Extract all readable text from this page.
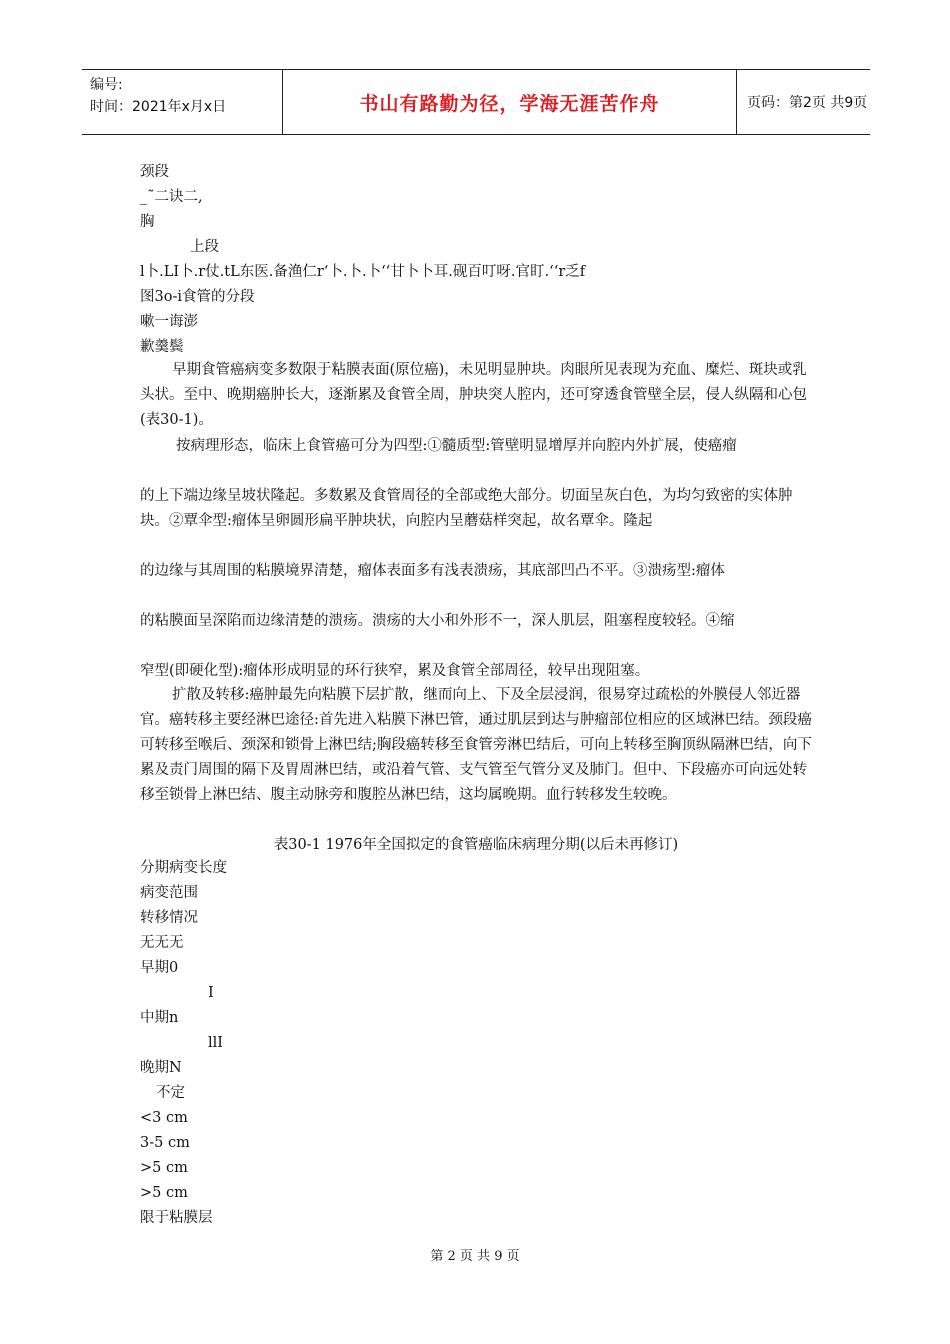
编号:
时间：2021年x月x日	书山有路勤为径，学海无涯苦作舟	页码：第2页 共9页
颈段
_˜二诀二,
胸
上段
l卜.LI卜.r仗.tL东医.备渔仁r‘卜.卜.卜‘‘甘卜卜耳.砚百叮呀.官盯.‘‘r乏f
图3o-i食管的分段
嗽一诲澎
歉羹鬓
早期食管癌病变多数限于粘膜表面(原位癌)，未见明显肿块。肉眼所见表现为充血、糜烂、斑块或乳头状。至中、晚期癌肿长大，逐渐累及食管全周，肿块突人腔内，还可穿透食管壁全层，侵人纵隔和心包(表30-1)。
按病理形态，临床上食管癌可分为四型:①髓质型:管壁明显增厚并向腔内外扩展，使癌瘤
的上下端边缘呈坡状隆起。多数累及食管周径的全部或绝大部分。切面呈灰白色，为均匀致密的实体肿块。②覃伞型:瘤体呈卵圆形扁平肿块状，向腔内呈蘑菇样突起，故名覃伞。隆起
的边缘与其周围的粘膜境界清楚，瘤体表面多有浅表溃疡，其底部凹凸不平。③溃疡型:瘤体
的粘膜面呈深陷而边缘清楚的溃疡。溃疡的大小和外形不一，深人肌层，阻塞程度较轻。④缩
窄型(即硬化型):瘤体形成明显的环行狭窄，累及食管全部周径，较早出现阻塞。
扩散及转移:癌肿最先向粘膜下层扩散，继而向上、下及全层浸润，很易穿过疏松的外膜侵人邻近器官。癌转移主要经淋巴途径:首先进入粘膜下淋巴管，通过肌层到达与肿瘤部位相应的区域淋巴结。颈段癌可转移至喉后、颈深和锁骨上淋巴结;胸段癌转移至食管旁淋巴结后，可向上转移至胸顶纵隔淋巴结，向下累及责门周围的隔下及胃周淋巴结，或沿着气管、支气管至气管分叉及肺门。但中、下段癌亦可向远处转移至锁骨上淋巴结、腹主动脉旁和腹腔丛淋巴结，这均属晚期。血行转移发生较晚。
表30-1 1976年全国拟定的食管癌临床病理分期(以后未再修订)
分期病变长度
病变范围
转移情况
无无无
早期0
I
中期n
llI
晚期N
不定
<3 cm
3-5 cm
>5 cm
>5 cm
限于粘膜层
第 2 页 共 9 页
